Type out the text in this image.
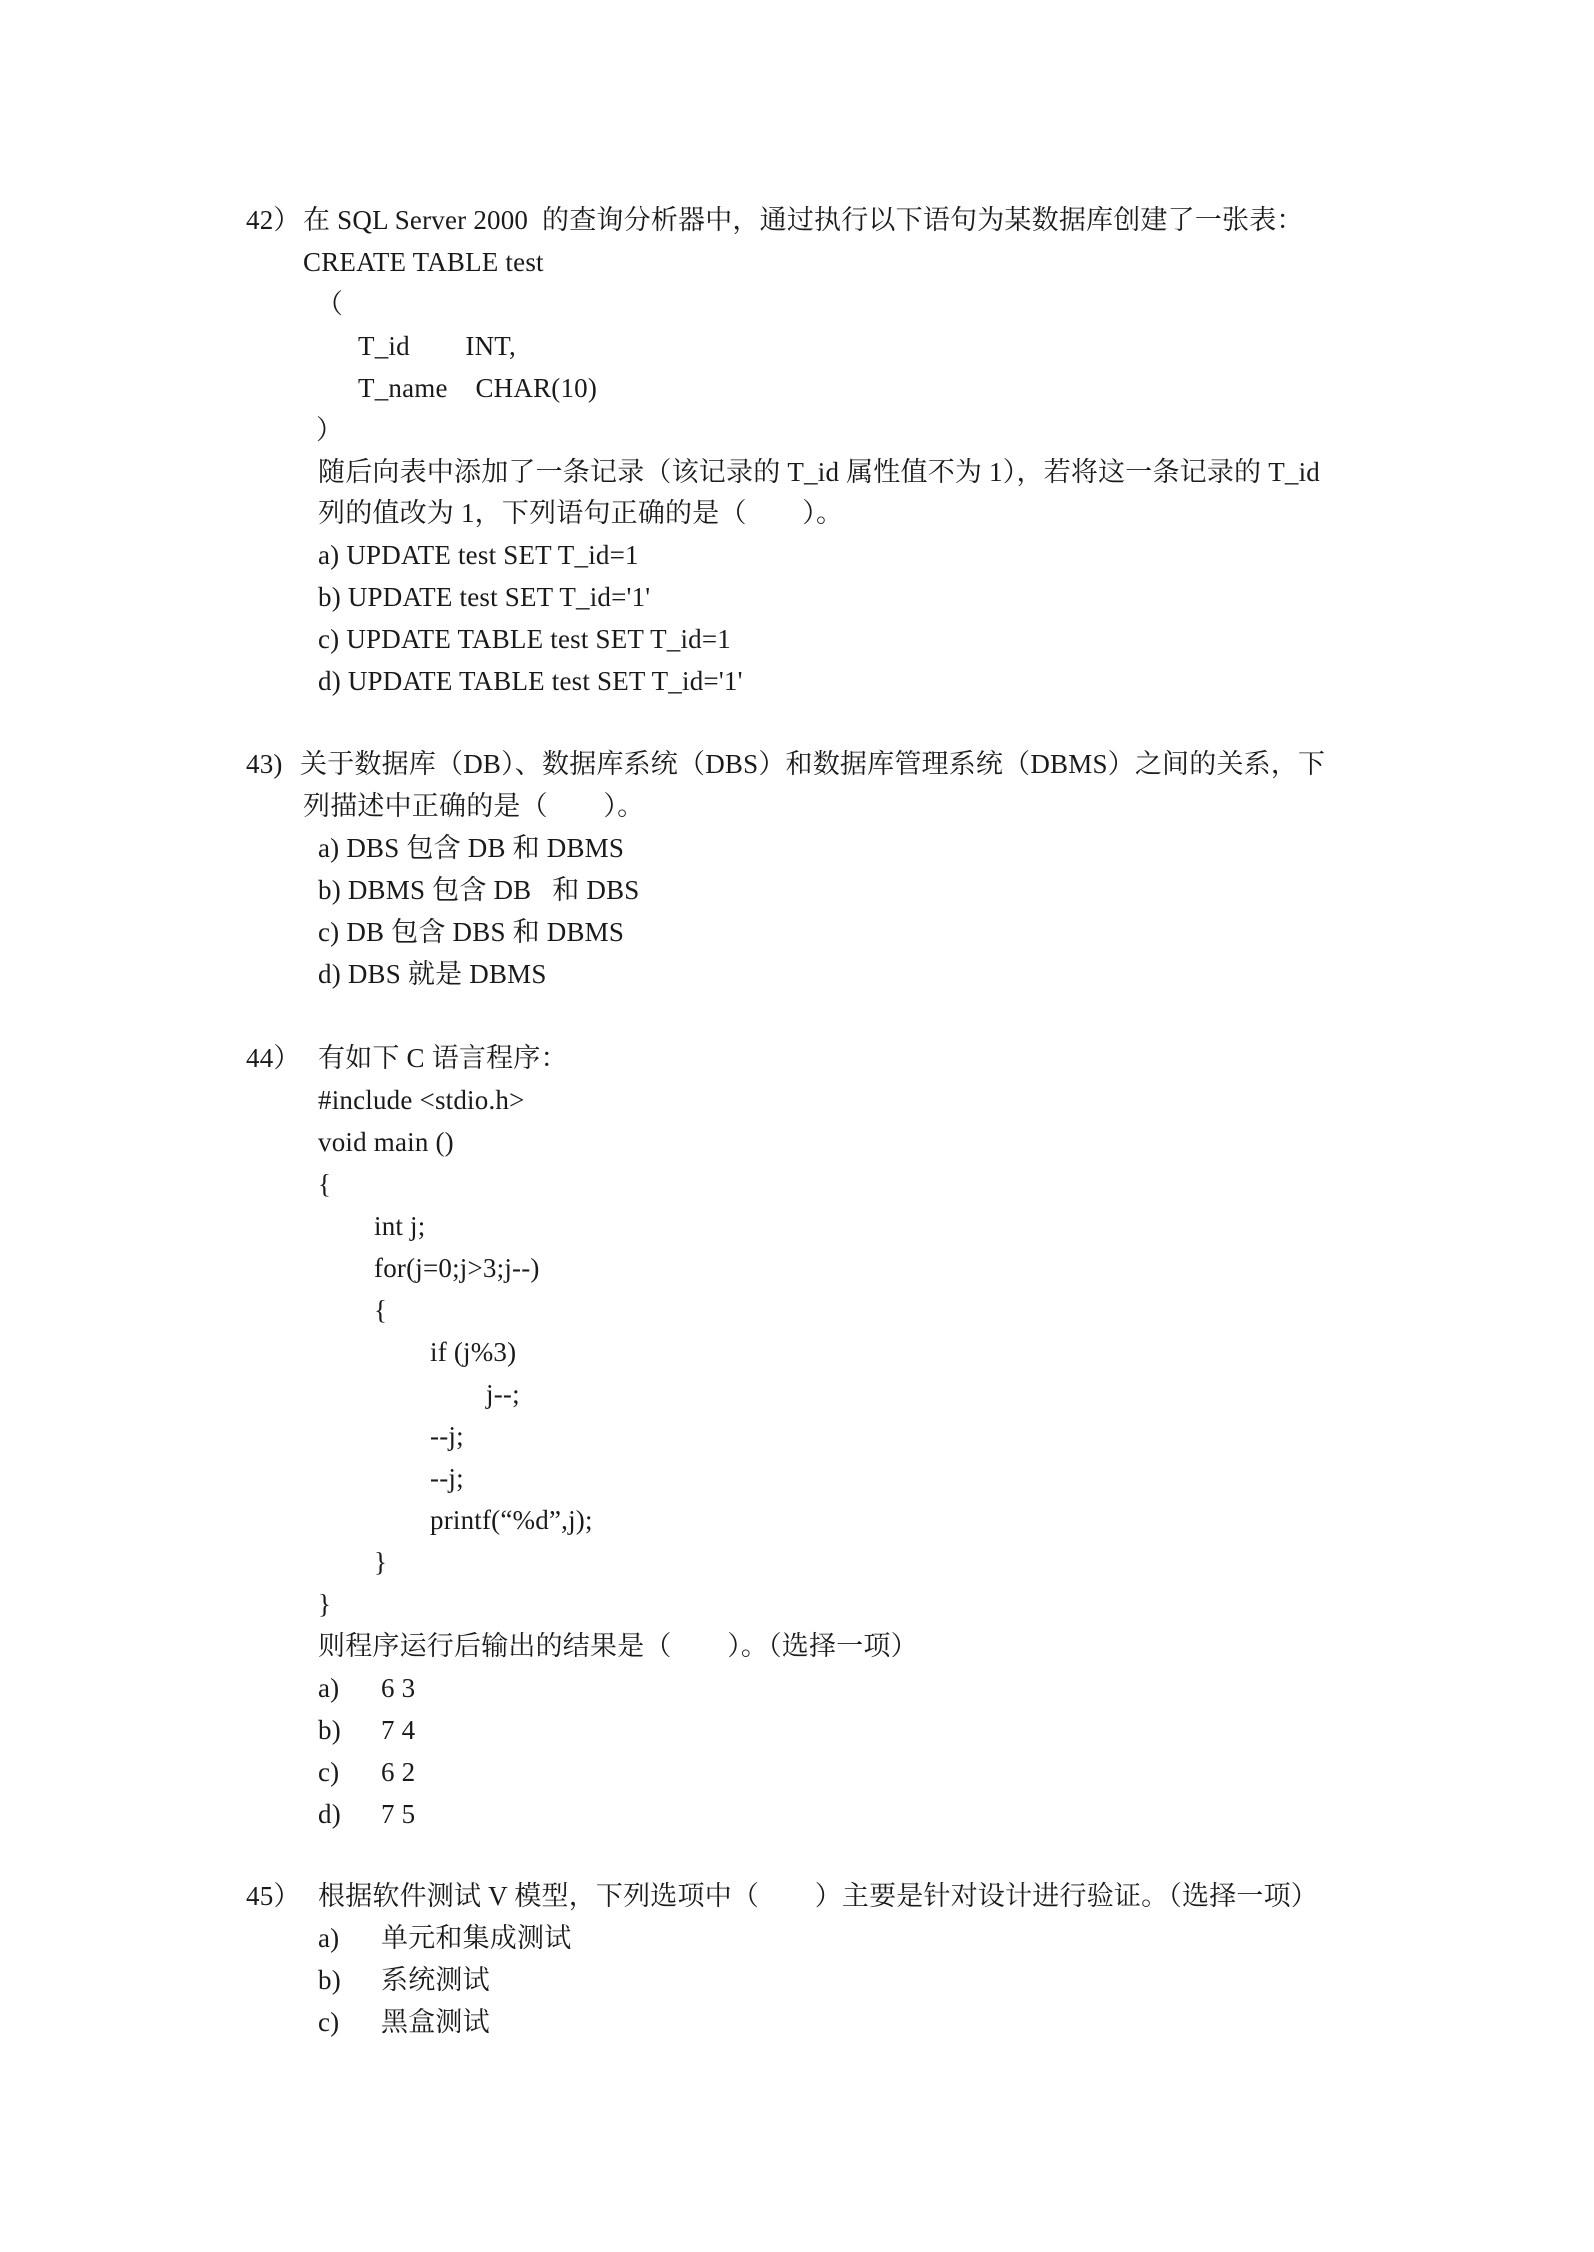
42） 在 SQL Server 2000  的查询分析器中，通过执行以下语句为某数据库创建了一张表：
CREATE TABLE test
（
T_id        INT,
T_name    CHAR(10)
）
随后向表中添加了一条记录（该记录的 T_id 属性值不为 1），若将这一条记录的 T_id
列的值改为 1，下列语句正确的是（        ）。
a) UPDATE test SET T_id=1
b) UPDATE test SET T_id='1'
c) UPDATE TABLE test SET T_id=1
d) UPDATE TABLE test SET T_id='1'
43) 关于数据库（DB）、数据库系统（DBS）和数据库管理系统（DBMS）之间的关系，下
列描述中正确的是（        ）。
a) DBS 包含 DB 和 DBMS
b) DBMS 包含 DB   和 DBS
c) DB 包含 DBS 和 DBMS
d) DBS 就是 DBMS
44） 有如下 C 语言程序：
#include <stdio.h>
void main ()
{
int j;
for(j=0;j>3;j--)
{
if (j%3)
j--;
--j;
--j;
printf(“%d”,j);
}
}
则程序运行后输出的结果是（        ）。（选择一项）
a) 6 3
b) 7 4
c) 6 2
d) 7 5
45） 根据软件测试 V 模型，下列选项中（        ）主要是针对设计进行验证。（选择一项）
a) 单元和集成测试
b) 系统测试
c) 黑盒测试
